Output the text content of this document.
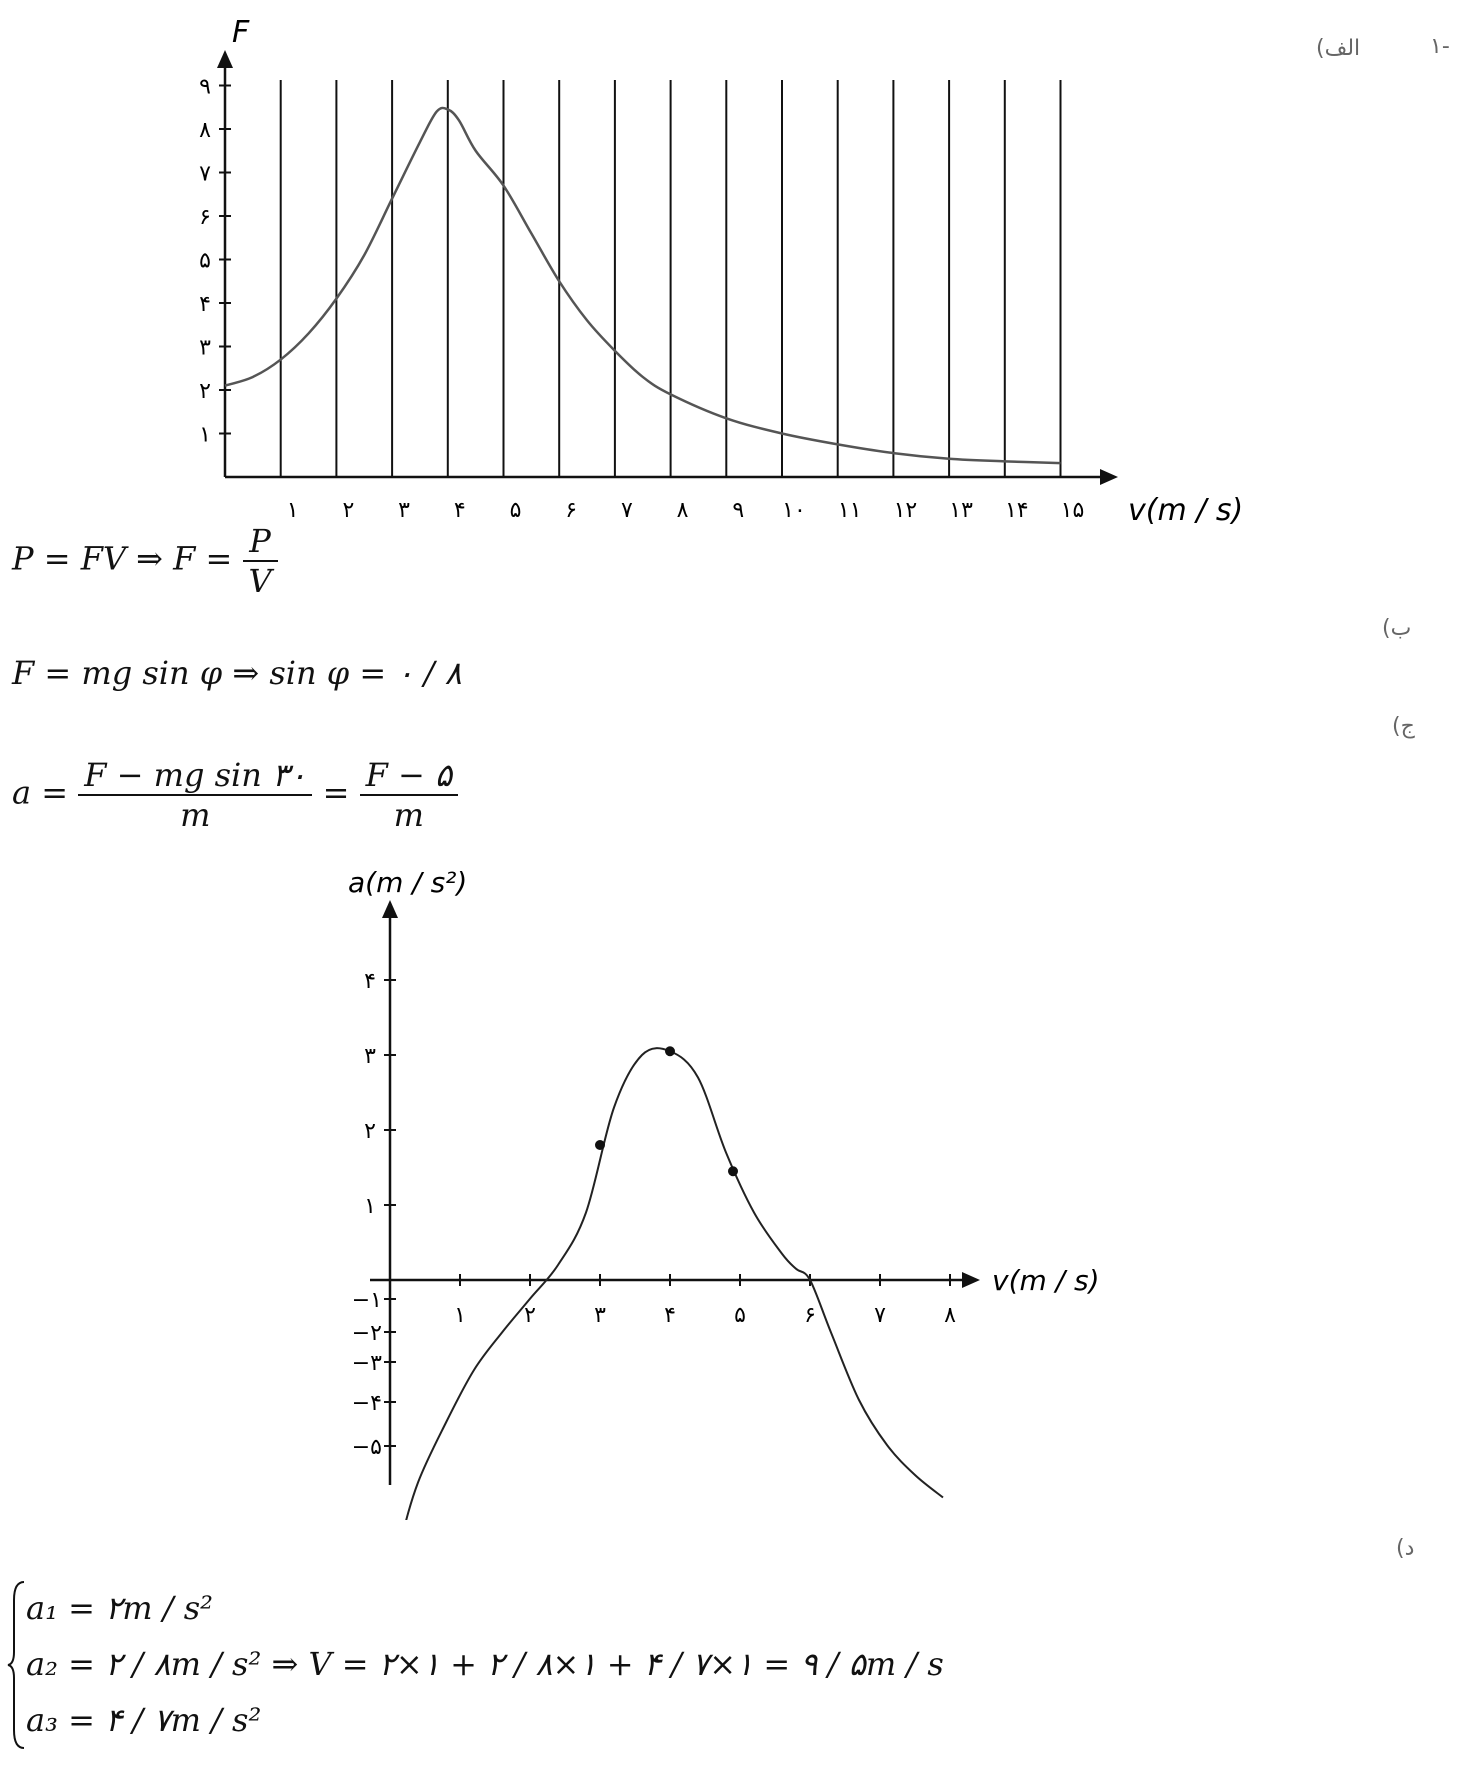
-۱
الف)
ب)
ج)
د)
۱ ۲ ۳ ۴ ۵ ۶ ۷ ۸ ۹ ۱۰ ۱۱ ۱۲ ۱۳ ۱۴ ۱۵
۱
۲
۳
۴
۵
۶
۷
۸
۹
F
v(m / s)
P = FV ⇒ $F = \frac{P}{V}$
F = mg sin φ ⇒ sin φ = ۰ / ۸
$a = \frac{\text{F − mg sin ۳۰}}{m} = \frac{F - ۵}{m}$
۱	۲	۳	۴	۵	۶	۷	۸
۱
۲
۳
۴
−۱
−۲
−۳
−۴
−۵
a(m / s²)
v(m / s)
a₁ = ۲m / s²
a₂ = ۲ / ۸m / s² ⇒ V = ۲×۱ + ۲ / ۸×۱ + ۴ / ۷×۱ = ۹ / ۵m / s
a₃ = ۴ / ۷m / s²
